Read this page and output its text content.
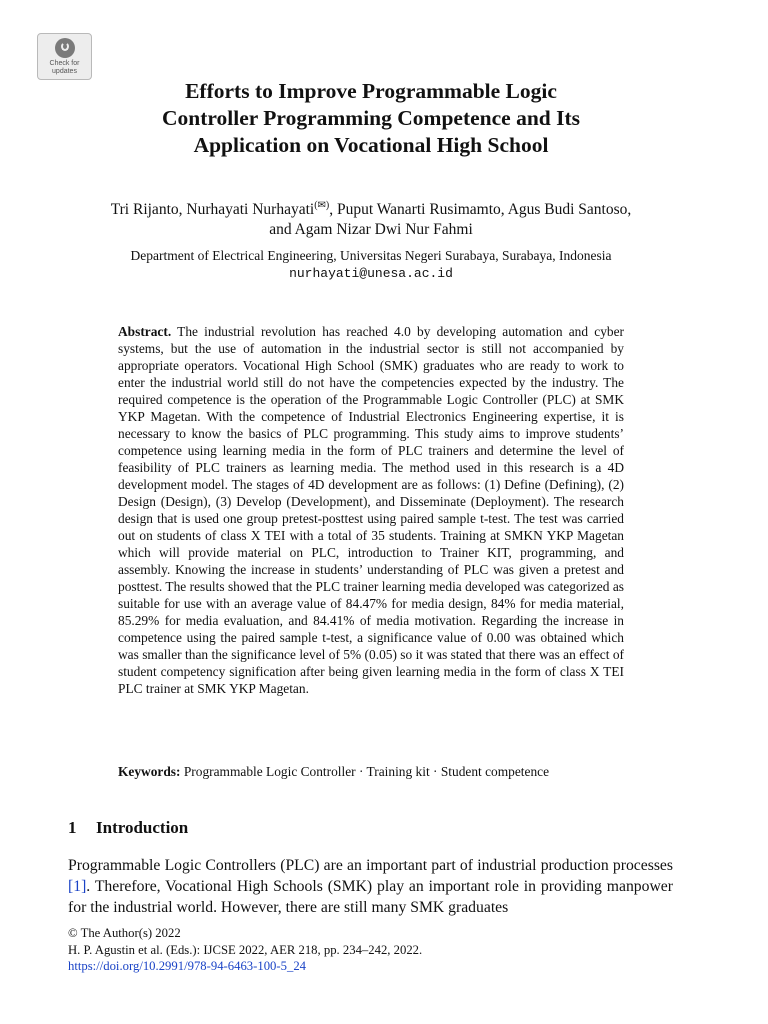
Check for
updates
Efforts to Improve Programmable Logic
Controller Programming Competence and Its
Application on Vocational High School
Tri Rijanto, Nurhayati Nurhayati(✉), Puput Wanarti Rusimamto, Agus Budi Santoso,
and Agam Nizar Dwi Nur Fahmi
Department of Electrical Engineering, Universitas Negeri Surabaya, Surabaya, Indonesia
nurhayati@unesa.ac.id

Abstract. The industrial revolution has reached 4.0 by developing automation and cyber systems, but the use of automation in the industrial sector is still not accompanied by appropriate operators. Vocational High School (SMK) graduates who are ready to work to enter the industrial world still do not have the competencies expected by the industry. The required competence is the operation of the Programmable Logic Controller (PLC) at SMK YKP Magetan. With the competence of Industrial Electronics Engineering expertise, it is necessary to know the basics of PLC programming. This study aims to improve students’ competence using learning media in the form of PLC trainers and determine the level of feasibility of PLC trainers as learning media. The method used in this research is a 4D development model. The stages of 4D development are as follows: (1) Define (Defining), (2) Design (Design), (3) Develop (Development), and Disseminate (Deployment). The research design that is used one group pretest-posttest using paired sample t-test. The test was carried out on students of class X TEI with a total of 35 students. Training at SMKN YKP Magetan which will provide material on PLC, introduction to Trainer KIT, programming, and assembly. Knowing the increase in students’ understanding of PLC was given a pretest and posttest. The results showed that the PLC trainer learning media developed was categorized as suitable for use with an average value of 84.47% for media design, 84% for media material, 85.29% for media evaluation, and 84.41% of media motivation. Regarding the increase in competence using the paired sample t-test, a significance value of 0.00 was obtained which was smaller than the significance level of 5% (0.05) so it was stated that there was an effect of student competency signification after being given learning media in the form of class X TEI PLC trainer at SMK YKP Magetan.

Keywords: Programmable Logic Controller · Training kit · Student competence
1 Introduction

Programmable Logic Controllers (PLC) are an important part of industrial production processes [1]. Therefore, Vocational High Schools (SMK) play an important role in providing manpower for the industrial world. However, there are still many SMK graduates

© The Author(s) 2022
H. P. Agustin et al. (Eds.): IJCSE 2022, AER 218, pp. 234–242, 2022.
https://doi.org/10.2991/978-94-6463-100-5_24
